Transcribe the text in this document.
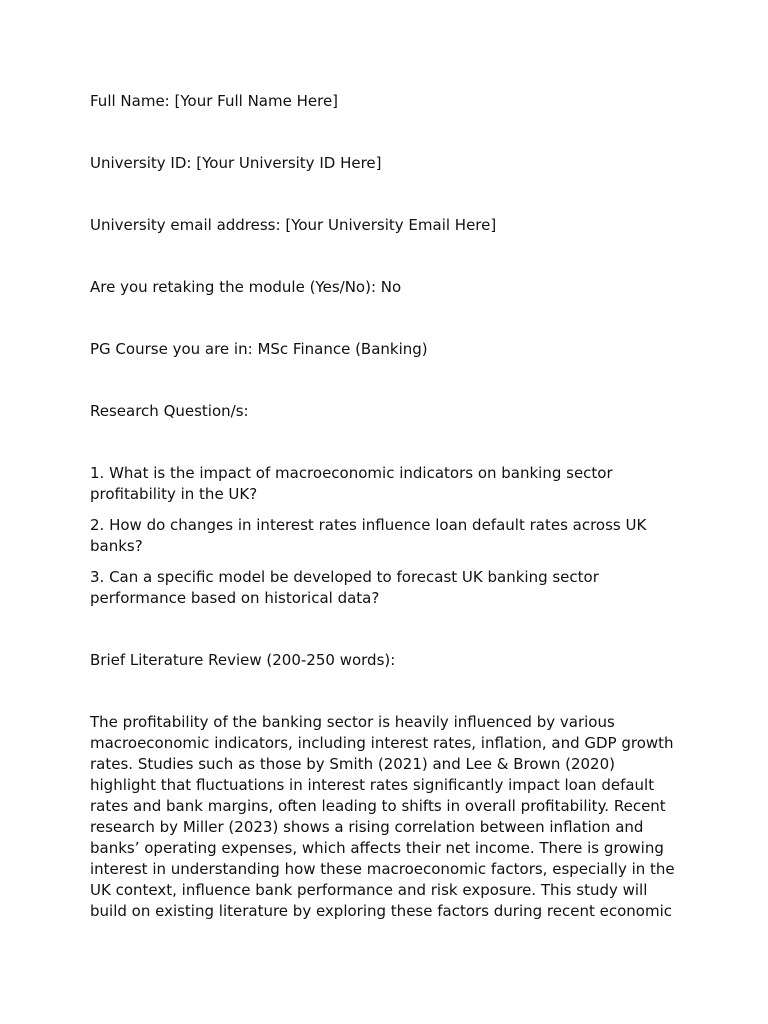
Full Name: [Your Full Name Here]

University ID: [Your University ID Here]

University email address: [Your University Email Here]

Are you retaking the module (Yes/No): No

PG Course you are in: MSc Finance (Banking)

Research Question/s:

1. What is the impact of macroeconomic indicators on banking sector profitability in the UK?

2. How do changes in interest rates influence loan default rates across UK banks?

3. Can a specific model be developed to forecast UK banking sector performance based on historical data?

Brief Literature Review (200-250 words):

The profitability of the banking sector is heavily influenced by various macroeconomic indicators, including interest rates, inflation, and GDP growth rates. Studies such as those by Smith (2021) and Lee & Brown (2020) highlight that fluctuations in interest rates significantly impact loan default rates and bank margins, often leading to shifts in overall profitability. Recent research by Miller (2023) shows a rising correlation between inflation and banks’ operating expenses, which affects their net income. There is growing interest in understanding how these macroeconomic factors, especially in the UK context, influence bank performance and risk exposure. This study will build on existing literature by exploring these factors during recent economic
